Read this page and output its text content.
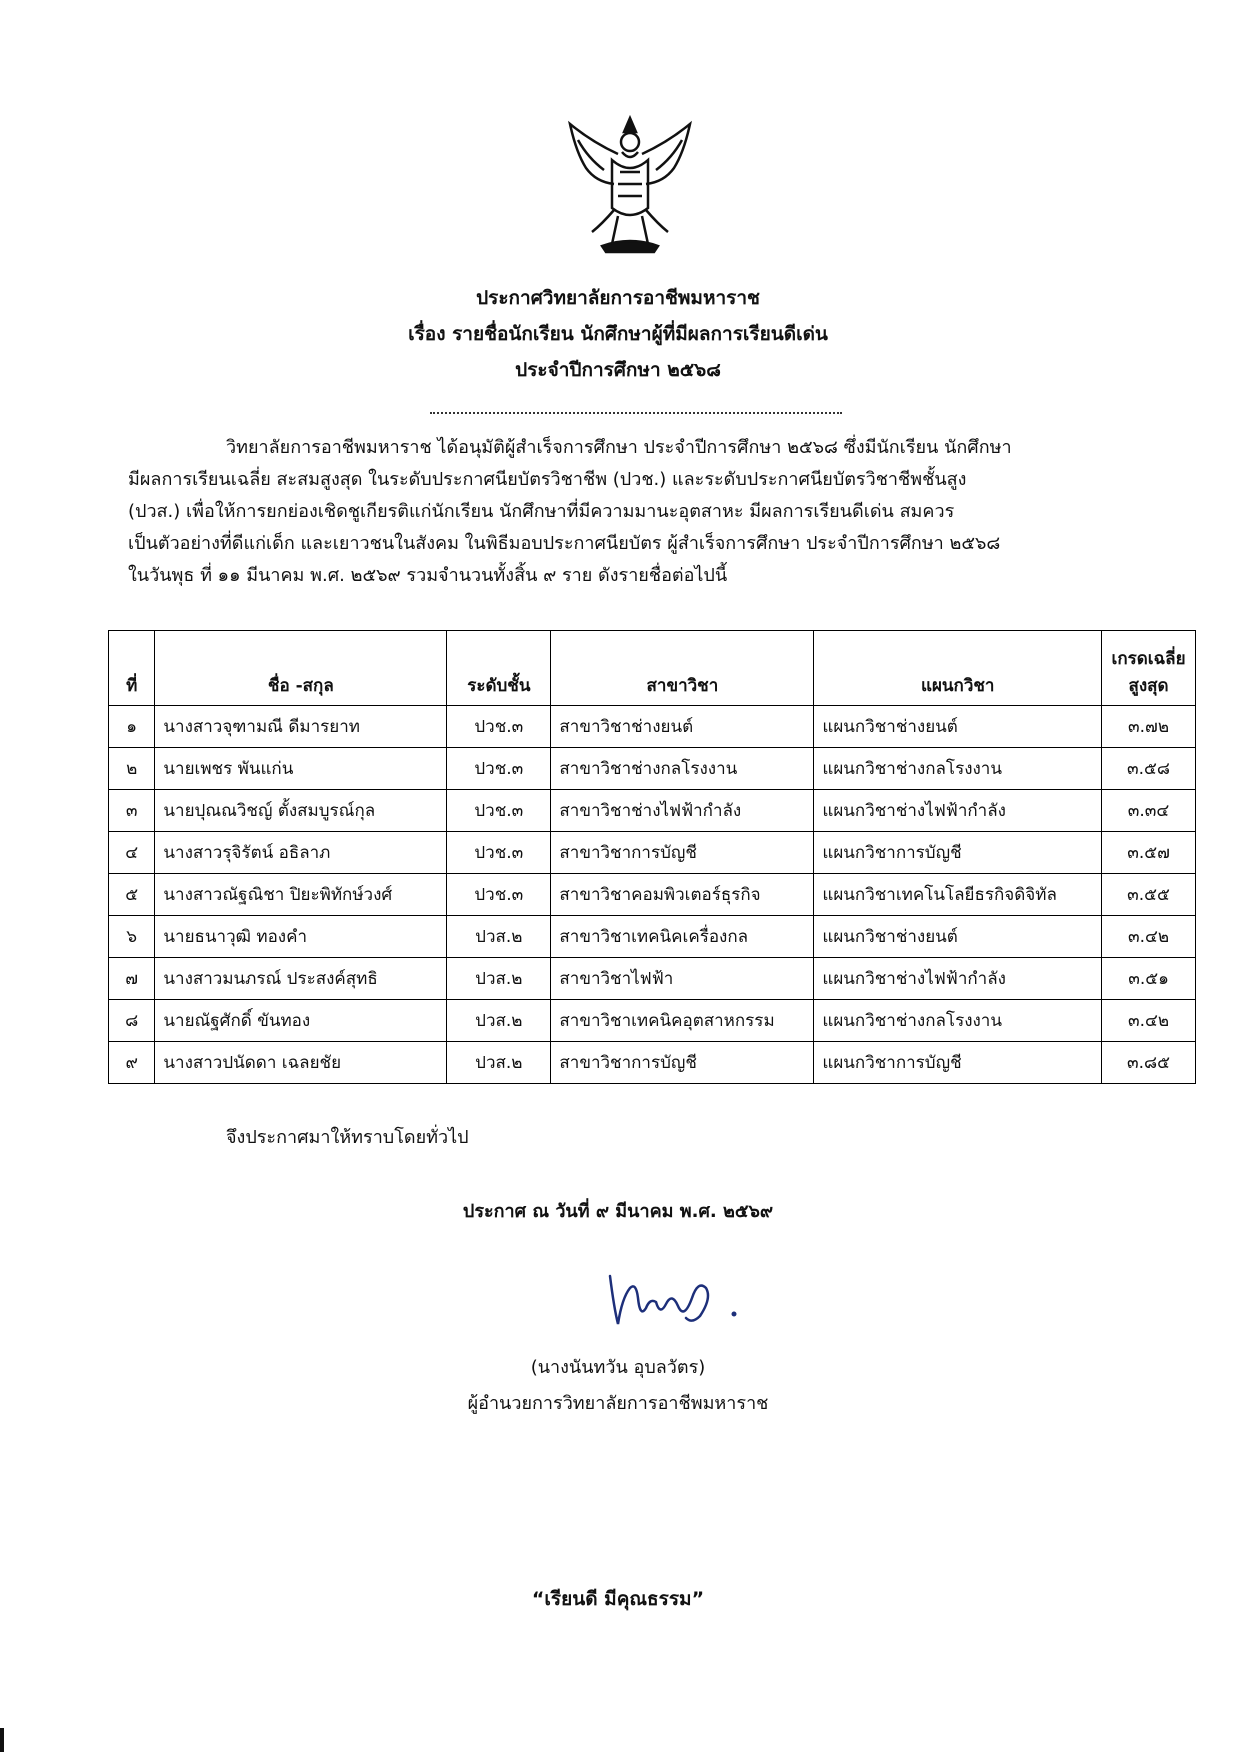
ประกาศวิทยาลัยการอาชีพมหาราช
เรื่อง รายชื่อนักเรียน นักศึกษาผู้ที่มีผลการเรียนดีเด่น
ประจำปีการศึกษา ๒๕๖๘

วิทยาลัยการอาชีพมหาราช ได้อนุมัติผู้สำเร็จการศึกษา ประจำปีการศึกษา ๒๕๖๘ ซึ่งมีนักเรียน นักศึกษา

มีผลการเรียนเฉลี่ย สะสมสูงสุด ในระดับประกาศนียบัตรวิชาชีพ (ปวช.) และระดับประกาศนียบัตรวิชาชีพชั้นสูง

(ปวส.) เพื่อให้การยกย่องเชิดชูเกียรติแก่นักเรียน นักศึกษาที่มีความมานะอุตสาหะ มีผลการเรียนดีเด่น สมควร

เป็นตัวอย่างที่ดีแก่เด็ก และเยาวชนในสังคม ในพิธีมอบประกาศนียบัตร ผู้สำเร็จการศึกษา ประจำปีการศึกษา ๒๕๖๘

ในวันพุธ ที่ ๑๑ มีนาคม พ.ศ. ๒๕๖๙ รวมจำนวนทั้งสิ้น ๙ ราย ดังรายชื่อต่อไปนี้

ที่	ชื่อ -สกุล	ระดับชั้น	สาขาวิชา	แผนกวิชา	เกรดเฉลี่ย
สูงสุด

๑	นางสาวจุฑามณี ดีมารยาท	ปวช.๓	สาขาวิชาช่างยนต์	แผนกวิชาช่างยนต์	๓.๗๒
๒	นายเพชร พันแก่น	ปวช.๓	สาขาวิชาช่างกลโรงงาน	แผนกวิชาช่างกลโรงงาน	๓.๕๘
๓	นายปุณณวิชญ์ ตั้งสมบูรณ์กุล	ปวช.๓	สาขาวิชาช่างไฟฟ้ากำลัง	แผนกวิชาช่างไฟฟ้ากำลัง	๓.๓๔
๔	นางสาวรุจิรัตน์ อธิลาภ	ปวช.๓	สาขาวิชาการบัญชี	แผนกวิชาการบัญชี	๓.๕๗
๕	นางสาวณัฐณิชา ปิยะพิทักษ์วงศ์	ปวช.๓	สาขาวิชาคอมพิวเตอร์ธุรกิจ	แผนกวิชาเทคโนโลยีธรกิจดิจิทัล	๓.๕๕
๖	นายธนาวุฒิ ทองคำ	ปวส.๒	สาขาวิชาเทคนิคเครื่องกล	แผนกวิชาช่างยนต์	๓.๔๒
๗	นางสาวมนภรณ์ ประสงค์สุทธิ	ปวส.๒	สาขาวิชาไฟฟ้า	แผนกวิชาช่างไฟฟ้ากำลัง	๓.๕๑
๘	นายณัฐศักดิ์ ขันทอง	ปวส.๒	สาขาวิชาเทคนิคอุตสาหกรรม	แผนกวิชาช่างกลโรงงาน	๓.๔๒
๙	นางสาวปนัดดา เฉลยชัย	ปวส.๒	สาขาวิชาการบัญชี	แผนกวิชาการบัญชี	๓.๘๕
จึงประกาศมาให้ทราบโดยทั่วไป
ประกาศ ณ วันที่ ๙ มีนาคม พ.ศ. ๒๕๖๙
(นางนันทวัน อุบลวัตร)
ผู้อำนวยการวิทยาลัยการอาชีพมหาราช
“เรียนดี มีคุณธรรม”
